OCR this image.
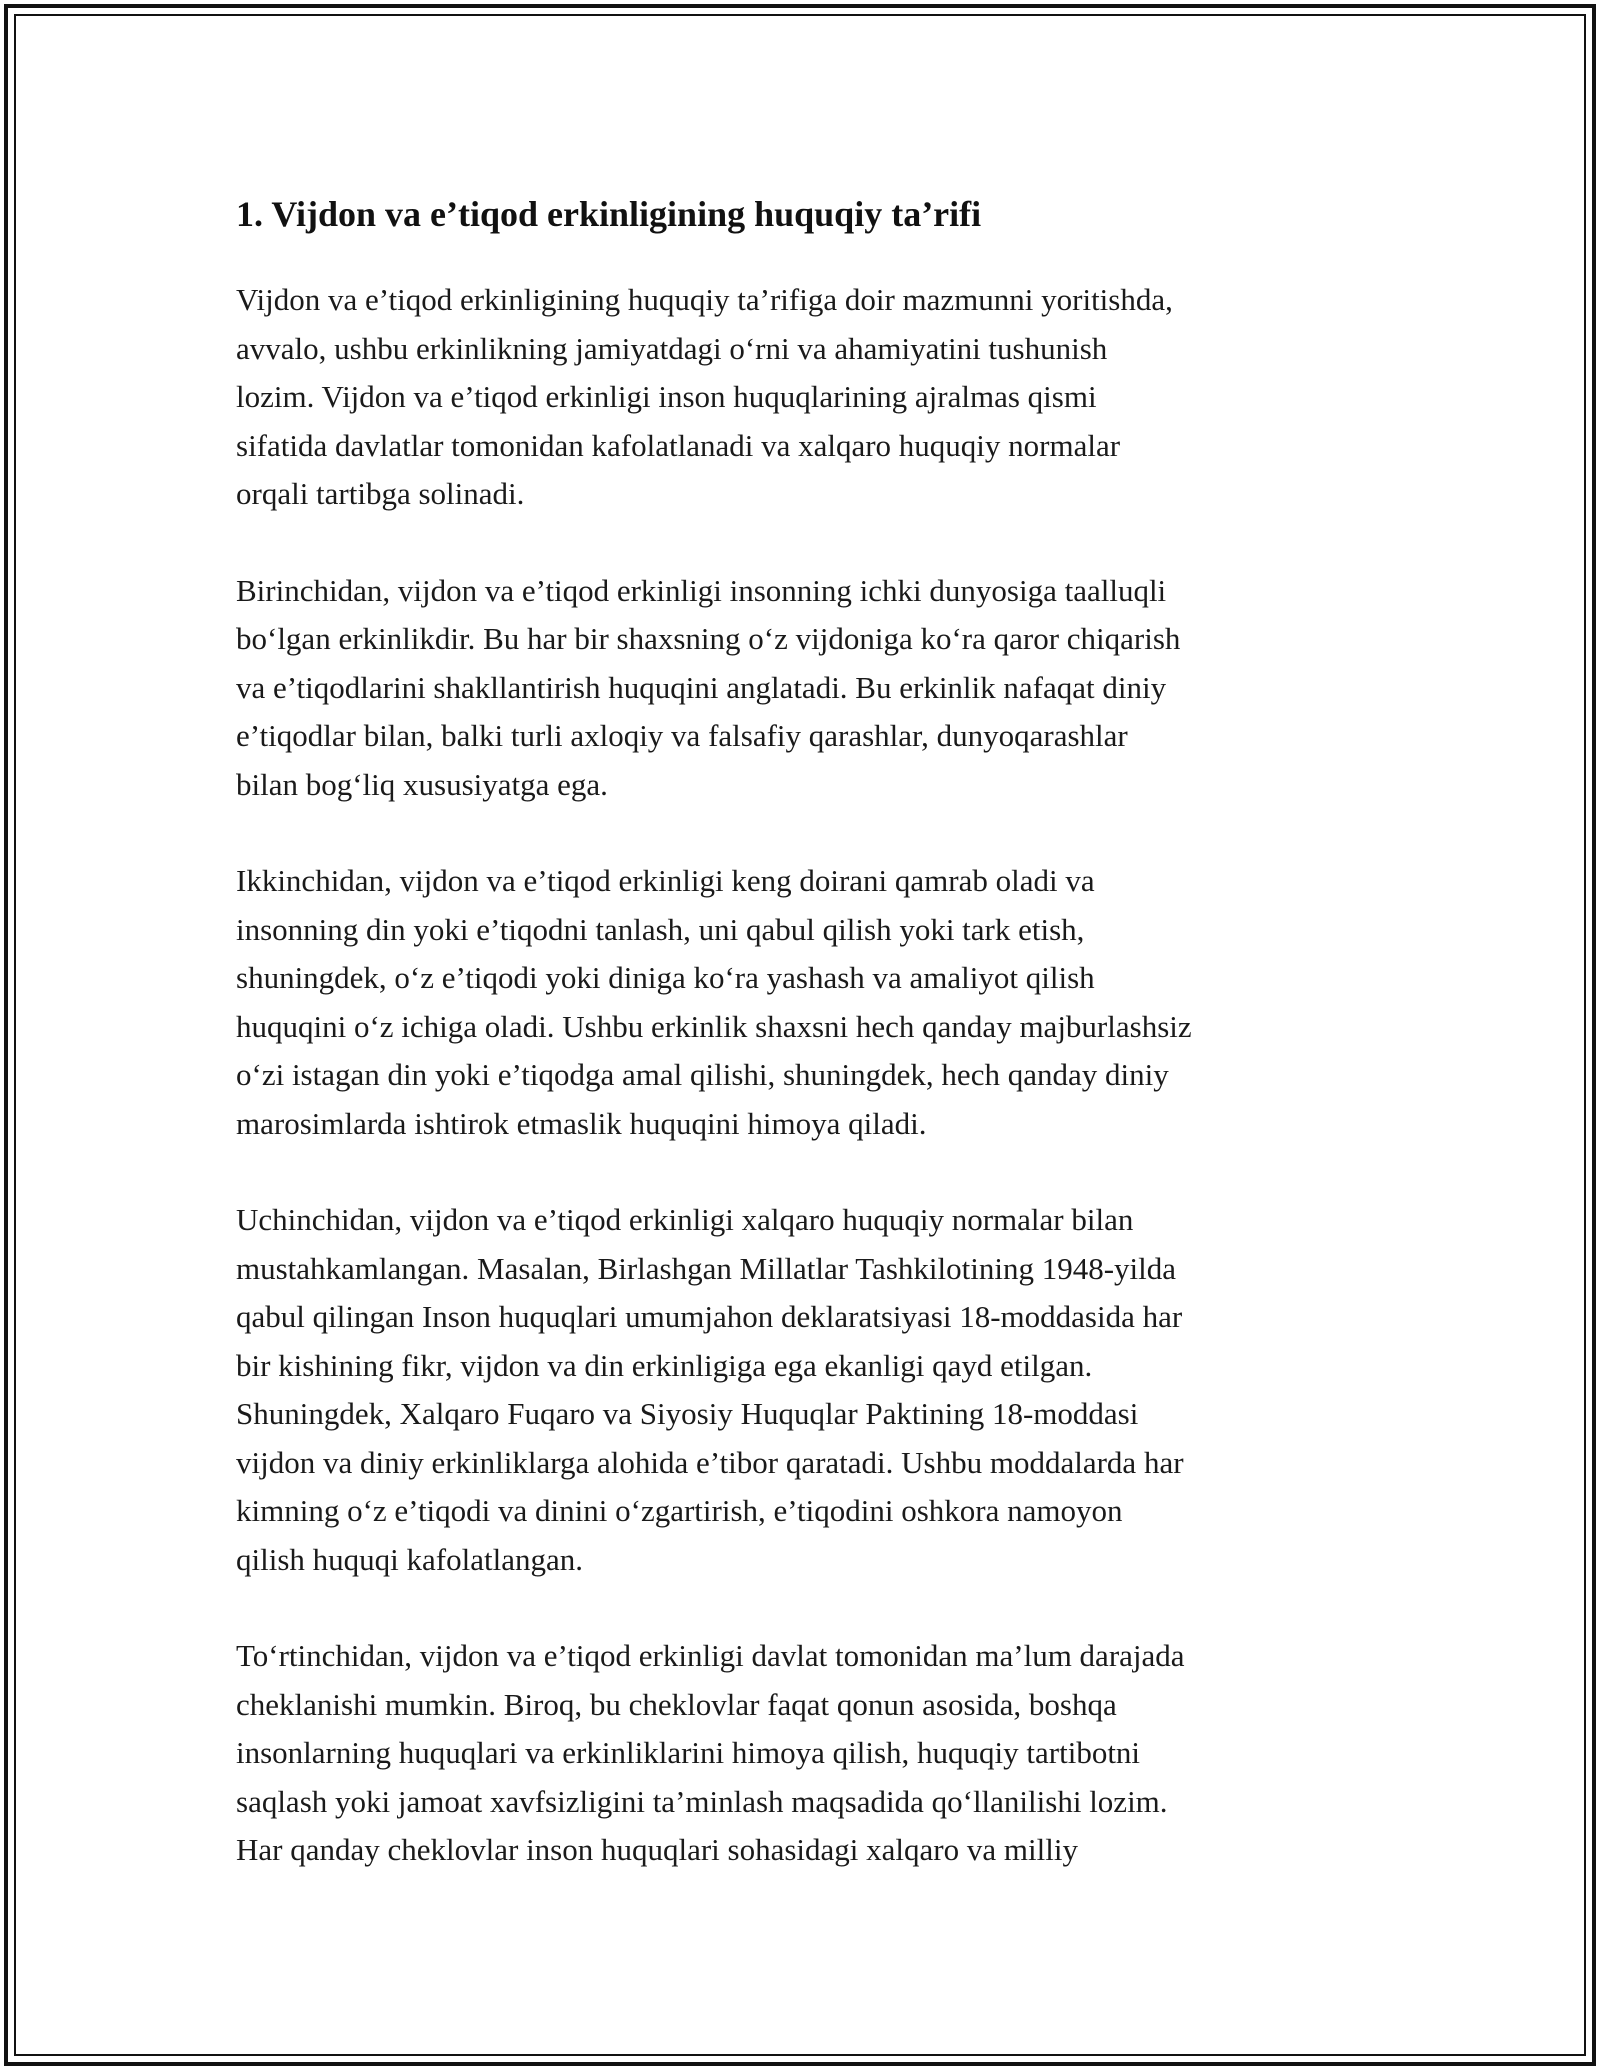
1. Vijdon va e’tiqod erkinligining huquqiy ta’rifi

Vijdon va e’tiqod erkinligining huquqiy ta’rifiga doir mazmunni yoritishda,
avvalo, ushbu erkinlikning jamiyatdagi o‘rni va ahamiyatini tushunish
lozim. Vijdon va e’tiqod erkinligi inson huquqlarining ajralmas qismi
sifatida davlatlar tomonidan kafolatlanadi va xalqaro huquqiy normalar
orqali tartibga solinadi.

Birinchidan, vijdon va e’tiqod erkinligi insonning ichki dunyosiga taalluqli
bo‘lgan erkinlikdir. Bu har bir shaxsning o‘z vijdoniga ko‘ra qaror chiqarish
va e’tiqodlarini shakllantirish huquqini anglatadi. Bu erkinlik nafaqat diniy
e’tiqodlar bilan, balki turli axloqiy va falsafiy qarashlar, dunyoqarashlar
bilan bog‘liq xususiyatga ega.

Ikkinchidan, vijdon va e’tiqod erkinligi keng doirani qamrab oladi va
insonning din yoki e’tiqodni tanlash, uni qabul qilish yoki tark etish,
shuningdek, o‘z e’tiqodi yoki diniga ko‘ra yashash va amaliyot qilish
huquqini o‘z ichiga oladi. Ushbu erkinlik shaxsni hech qanday majburlashsiz
o‘zi istagan din yoki e’tiqodga amal qilishi, shuningdek, hech qanday diniy
marosimlarda ishtirok etmaslik huquqini himoya qiladi.

Uchinchidan, vijdon va e’tiqod erkinligi xalqaro huquqiy normalar bilan
mustahkamlangan. Masalan, Birlashgan Millatlar Tashkilotining 1948-yilda
qabul qilingan Inson huquqlari umumjahon deklaratsiyasi 18-moddasida har
bir kishining fikr, vijdon va din erkinligiga ega ekanligi qayd etilgan.
Shuningdek, Xalqaro Fuqaro va Siyosiy Huquqlar Paktining 18-moddasi
vijdon va diniy erkinliklarga alohida e’tibor qaratadi. Ushbu moddalarda har
kimning o‘z e’tiqodi va dinini o‘zgartirish, e’tiqodini oshkora namoyon
qilish huquqi kafolatlangan.

To‘rtinchidan, vijdon va e’tiqod erkinligi davlat tomonidan ma’lum darajada
cheklanishi mumkin. Biroq, bu cheklovlar faqat qonun asosida, boshqa
insonlarning huquqlari va erkinliklarini himoya qilish, huquqiy tartibotni
saqlash yoki jamoat xavfsizligini ta’minlash maqsadida qo‘llanilishi lozim.
Har qanday cheklovlar inson huquqlari sohasidagi xalqaro va milliy
